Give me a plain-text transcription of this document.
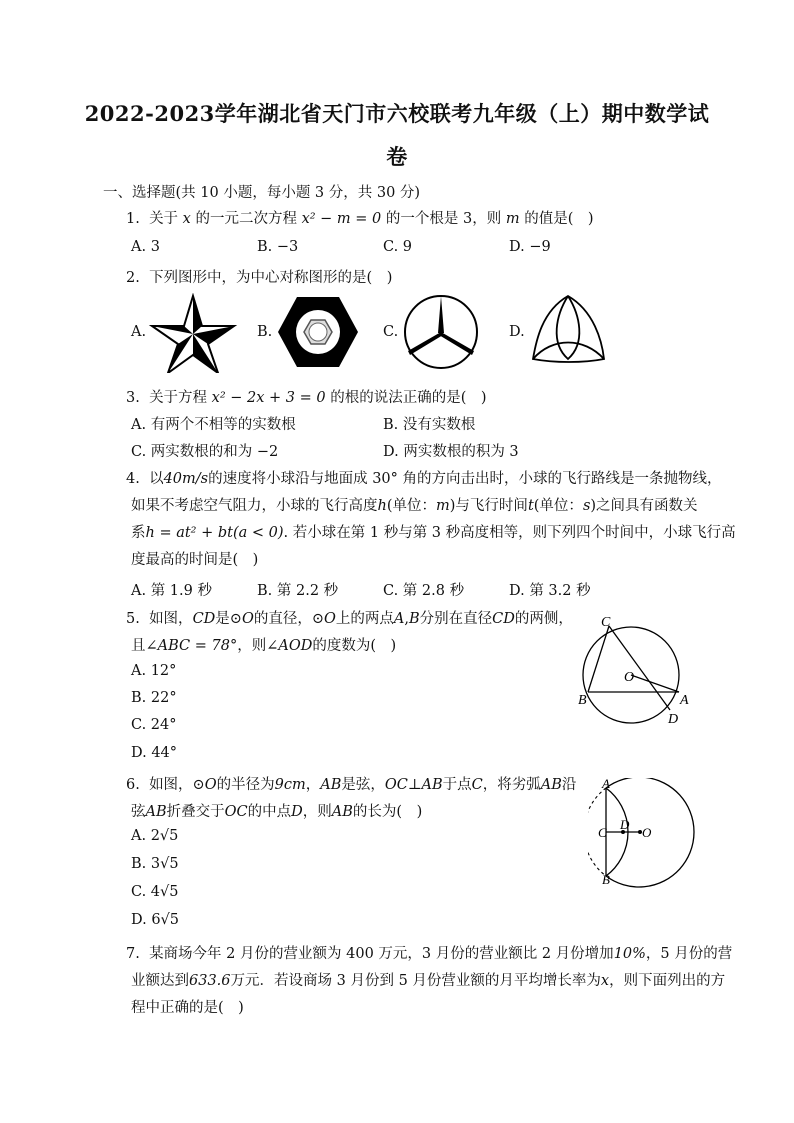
2022-2023学年湖北省天门市六校联考九年级（上）期中数学试
卷
一、选择题(共 10 小题，每小题 3 分，共 30 分)
1. 关于 x 的一元二次方程 x² − m = 0 的一个根是 3，则 m 的值是(　)
A. 3	B. −3	C. 9	D. −9
2. 下列图形中，为中心对称图形的是(　)
A.	B.	C.	D.
3. 关于方程 x² − 2x + 3 = 0 的根的说法正确的是(　)
A. 有两个不相等的实数根	B. 没有实数根
C. 两实数根的和为 −2	D. 两实数根的积为 3
4. 以40m/s的速度将小球沿与地面成 30° 角的方向击出时，小球的飞行路线是一条抛物线，
如果不考虑空气阻力，小球的飞行高度h(单位：m)与飞行时间t(单位：s)之间具有函数关
系h = at² + bt(a < 0). 若小球在第 1 秒与第 3 秒高度相等，则下列四个时间中，小球飞行高
度最高的时间是(　)
A. 第 1.9 秒	B. 第 2.2 秒	C. 第 2.8 秒	D. 第 3.2 秒
5. 如图，CD是⊙O的直径，⊙O上的两点A,B分别在直径CD的两侧，
且∠ABC = 78°，则∠AOD的度数为(　)
A. 12°
B. 22°
C. 24°
D. 44°
C
O
B	A
D
6. 如图，⊙O的半径为9cm，AB是弦，OC⊥AB于点C，将劣弧AB沿
弦AB折叠交于OC的中点D，则AB的长为(　)
A. 2√5
B. 3√5
C. 4√5
D. 6√5
A
C
D
O
B
7. 某商场今年 2 月份的营业额为 400 万元，3 月份的营业额比 2 月份增加10%，5 月份的营
业额达到633.6万元．若设商场 3 月份到 5 月份营业额的月平均增长率为x，则下面列出的方
程中正确的是(　)
